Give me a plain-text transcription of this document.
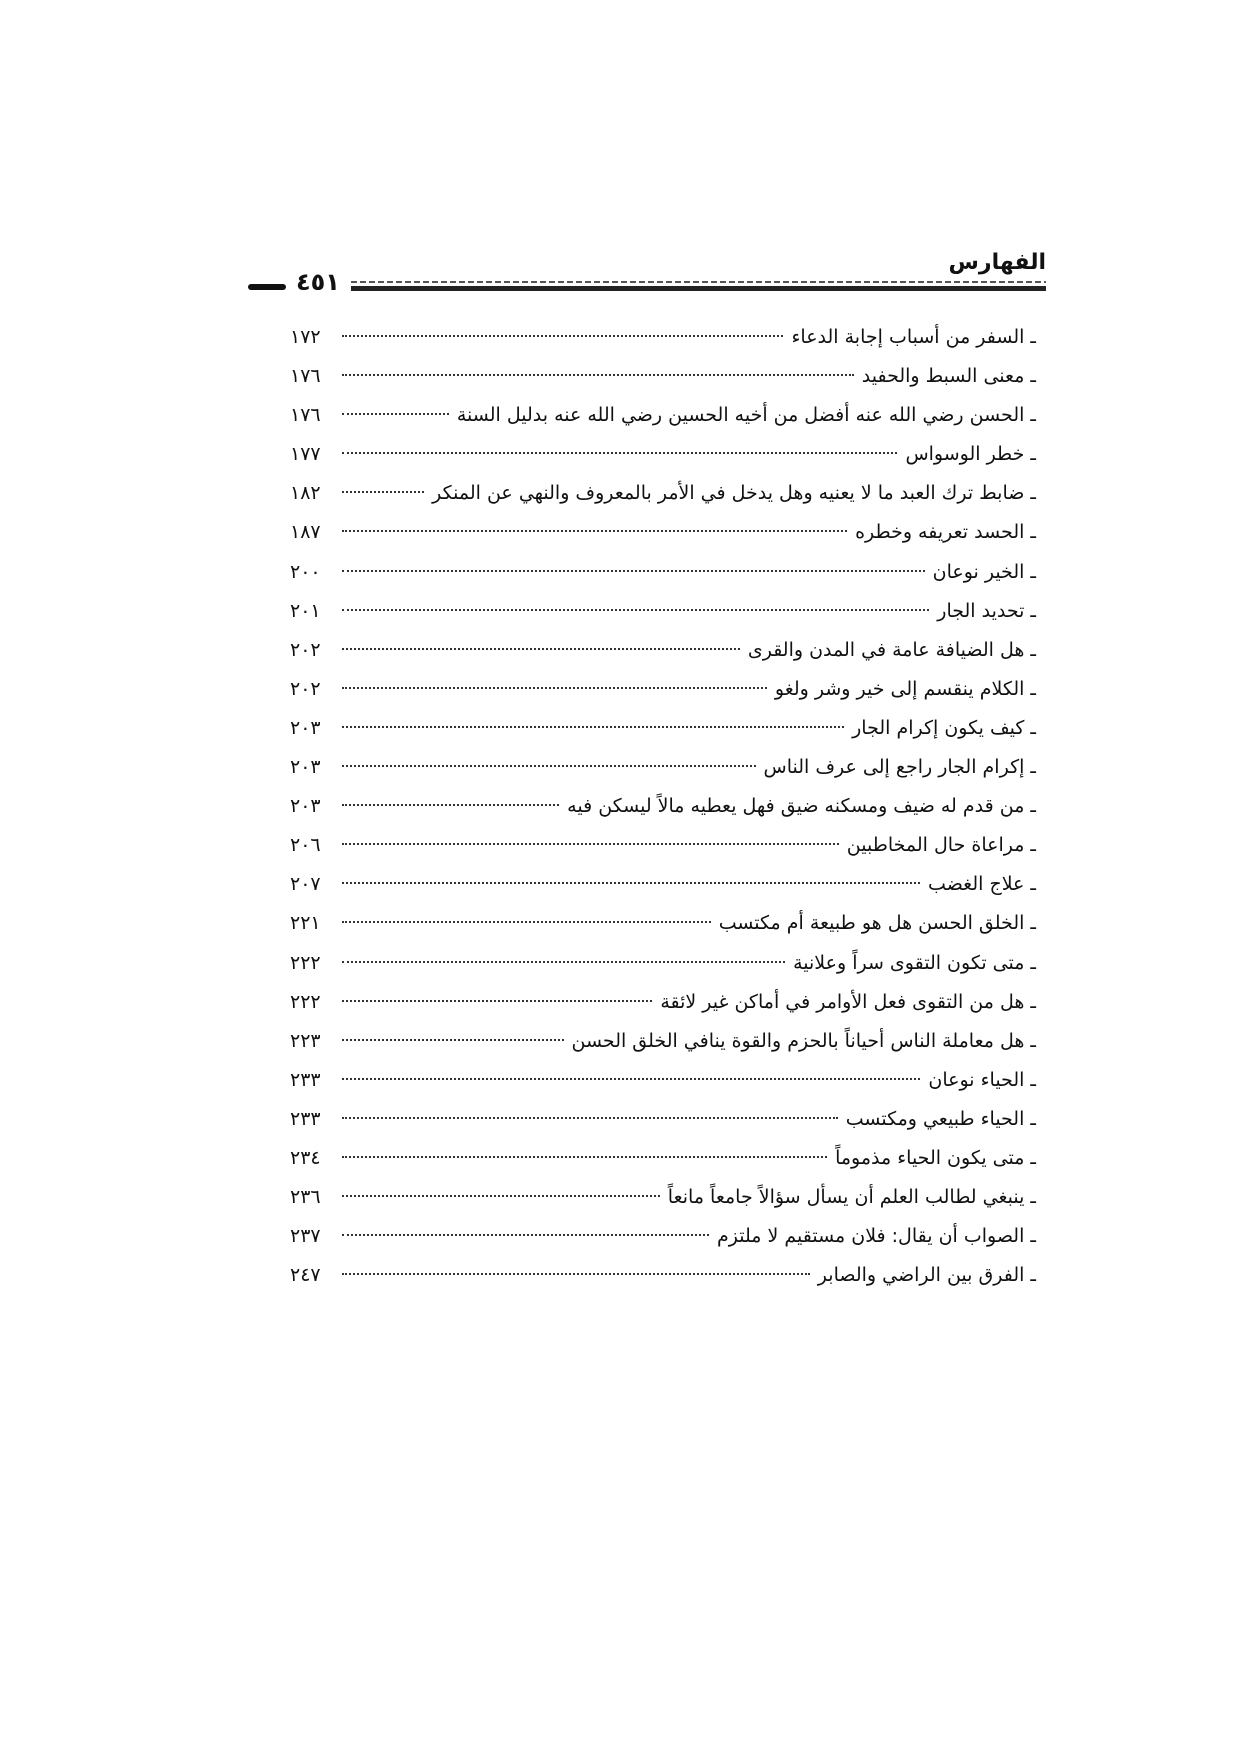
الفهارس
٤٥١
ـ السفر من أسباب إجابة الدعاء
١٧٢
ـ معنى السبط والحفيد
١٧٦
ـ الحسن رضي الله عنه أفضل من أخيه الحسين رضي الله عنه بدليل السنة
١٧٦
ـ خطر الوسواس
١٧٧
ـ ضابط ترك العبد ما لا يعنيه وهل يدخل في الأمر بالمعروف والنهي عن المنكر
١٨٢
ـ الحسد تعريفه وخطره
١٨٧
ـ الخير نوعان
٢٠٠
ـ تحديد الجار
٢٠١
ـ هل الضيافة عامة في المدن والقرى
٢٠٢
ـ الكلام ينقسم إلى خير وشر ولغو
٢٠٢
ـ كيف يكون إكرام الجار
٢٠٣
ـ إكرام الجار راجع إلى عرف الناس
٢٠٣
ـ من قدم له ضيف ومسكنه ضيق فهل يعطيه مالاً ليسكن فيه
٢٠٣
ـ مراعاة حال المخاطبين
٢٠٦
ـ علاج الغضب
٢٠٧
ـ الخلق الحسن هل هو طبيعة أم مكتسب
٢٢١
ـ متى تكون التقوى سراً وعلانية
٢٢٢
ـ هل من التقوى فعل الأوامر في أماكن غير لائقة
٢٢٢
ـ هل معاملة الناس أحياناً بالحزم والقوة ينافي الخلق الحسن
٢٢٣
ـ الحياء نوعان
٢٣٣
ـ الحياء طبيعي ومكتسب
٢٣٣
ـ متى يكون الحياء مذموماً
٢٣٤
ـ ينبغي لطالب العلم أن يسأل سؤالاً جامعاً مانعاً
٢٣٦
ـ الصواب أن يقال: فلان مستقيم لا ملتزم
٢٣٧
ـ الفرق بين الراضي والصابر
٢٤٧
